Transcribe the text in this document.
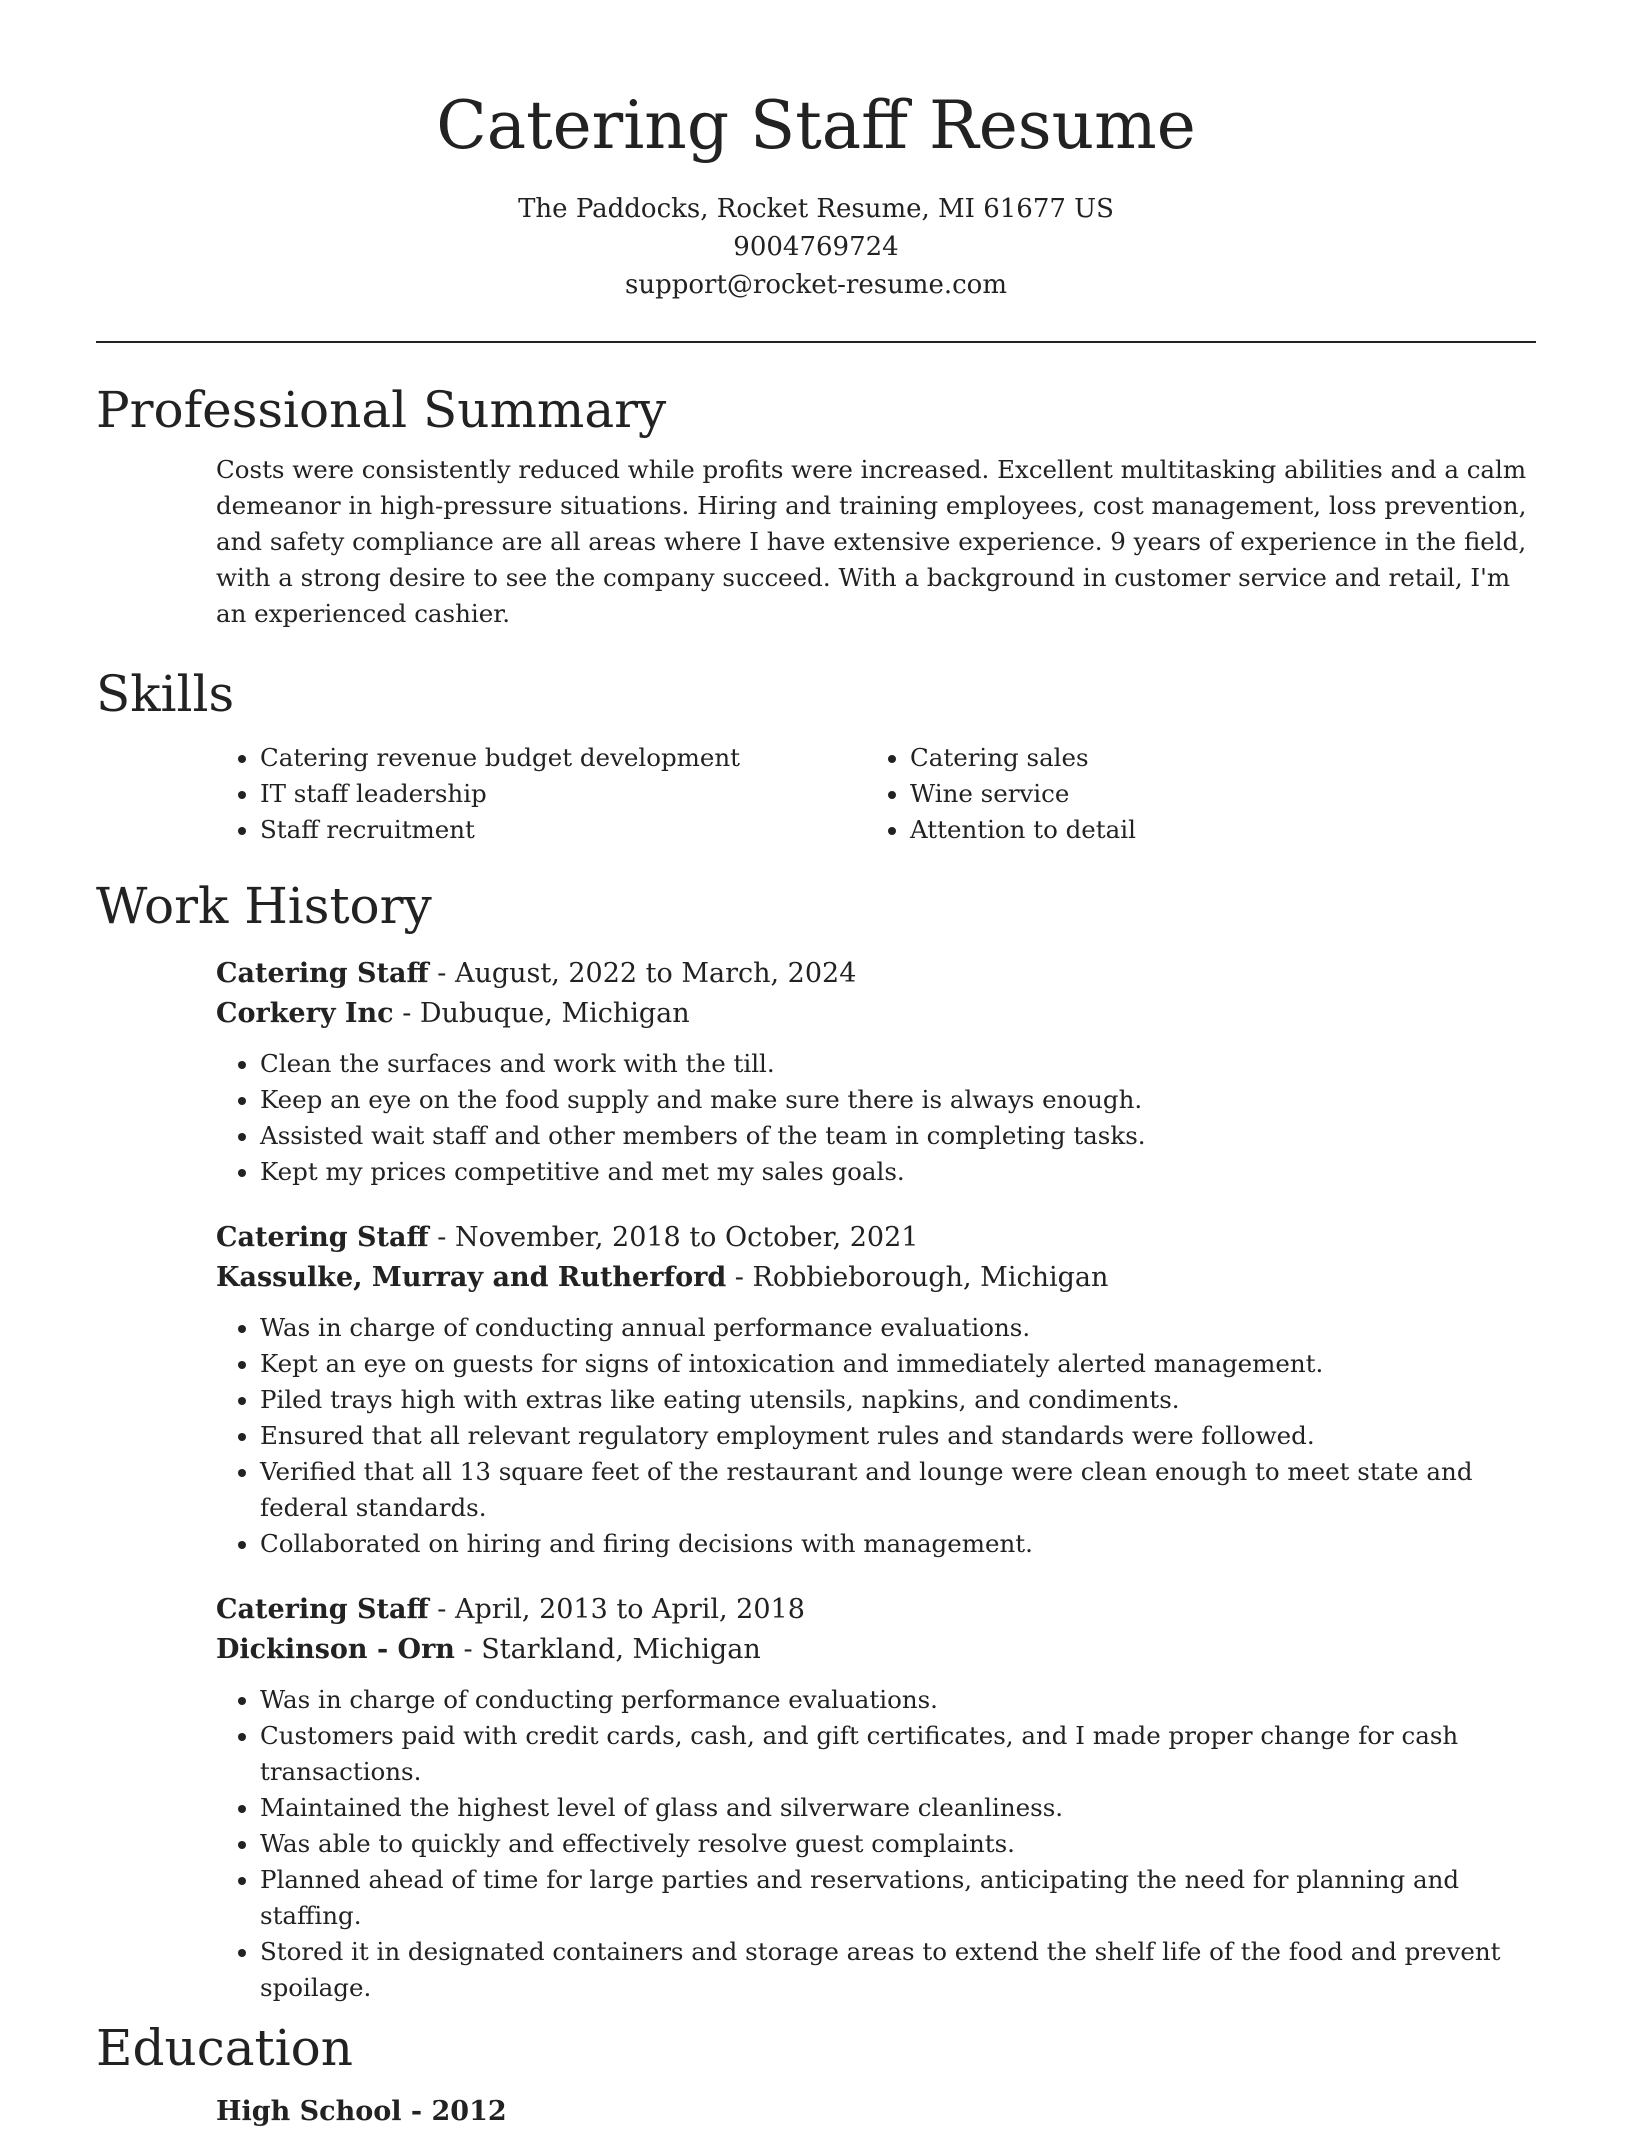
Catering Staff Resume
The Paddocks, Rocket Resume, MI 61677 US
9004769724
support@rocket-resume.com
Professional Summary

Costs were consistently reduced while profits were increased. Excellent multitasking abilities and a calm demeanor in high-pressure situations. Hiring and training employees, cost management, loss prevention, and safety compliance are all areas where I have extensive experience. 9 years of experience in the field, with a strong desire to see the company succeed. With a background in customer service and retail, I'm an experienced cashier.

Skills
• Catering revenue budget development
• IT staff leadership
• Staff recruitment
• Catering sales
• Wine service
• Attention to detail
Work History
Catering Staff - August, 2022 to March, 2024
Corkery Inc - Dubuque, Michigan
• Clean the surfaces and work with the till.
• Keep an eye on the food supply and make sure there is always enough.
• Assisted wait staff and other members of the team in completing tasks.
• Kept my prices competitive and met my sales goals.
Catering Staff - November, 2018 to October, 2021
Kassulke, Murray and Rutherford - Robbieborough, Michigan
• Was in charge of conducting annual performance evaluations.
• Kept an eye on guests for signs of intoxication and immediately alerted management.
• Piled trays high with extras like eating utensils, napkins, and condiments.
• Ensured that all relevant regulatory employment rules and standards were followed.
• Verified that all 13 square feet of the restaurant and lounge were clean enough to meet state and federal standards.
• Collaborated on hiring and firing decisions with management.
Catering Staff - April, 2013 to April, 2018
Dickinson - Orn - Starkland, Michigan
• Was in charge of conducting performance evaluations.
• Customers paid with credit cards, cash, and gift certificates, and I made proper change for cash transactions.
• Maintained the highest level of glass and silverware cleanliness.
• Was able to quickly and effectively resolve guest complaints.
• Planned ahead of time for large parties and reservations, anticipating the need for planning and staffing.
• Stored it in designated containers and storage areas to extend the shelf life of the food and prevent spoilage.
Education
High School - 2012
